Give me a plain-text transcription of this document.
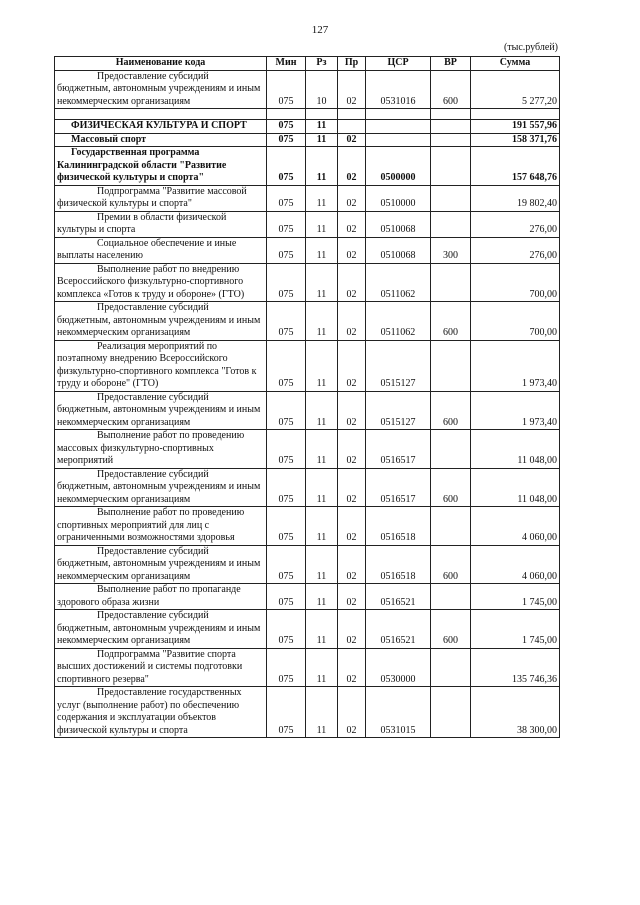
127
(тыс.рублей)
Наименование кода	Мин	Рз	Пр	ЦСР	ВР	Сумма

Предоставление субсидий бюджетным, автономным учреждениям и иным некоммерческим организациям	075	10	02	0531016	600	5 277,20

ФИЗИЧЕСКАЯ КУЛЬТУРА И СПОРТ	075	11				191 557,96

Массовый спорт	075	11	02			158 371,76

Государственная программа Калининградской области "Развитие физической культуры и спорта"	075	11	02	0500000		157 648,76

Подпрограмма "Развитие массовой физической культуры и спорта"	075	11	02	0510000		19 802,40

Премии в области физической культуры и спорта	075	11	02	0510068		276,00

Социальное обеспечение и иные выплаты населению	075	11	02	0510068	300	276,00

Выполнение работ по внедрению Всероссийского физкультурно-спортивного комплекса «Готов к труду и обороне» (ГТО)	075	11	02	0511062		700,00

Предоставление субсидий бюджетным, автономным учреждениям и иным некоммерческим организациям	075	11	02	0511062	600	700,00

Реализация мероприятий по поэтапному внедрению Всероссийского физкультурно-спортивного комплекса "Готов к труду и обороне" (ГТО)	075	11	02	0515127		1 973,40

Предоставление субсидий бюджетным, автономным учреждениям и иным некоммерческим организациям	075	11	02	0515127	600	1 973,40

Выполнение работ по проведению массовых физкультурно-спортивных мероприятий	075	11	02	0516517		11 048,00

Предоставление субсидий бюджетным, автономным учреждениям и иным некоммерческим организациям	075	11	02	0516517	600	11 048,00

Выполнение работ по проведению спортивных мероприятий для лиц с ограниченными возможностями здоровья	075	11	02	0516518		4 060,00

Предоставление субсидий бюджетным, автономным учреждениям и иным некоммерческим организациям	075	11	02	0516518	600	4 060,00

Выполнение работ по пропаганде здорового образа жизни	075	11	02	0516521		1 745,00

Предоставление субсидий бюджетным, автономным учреждениям и иным некоммерческим организациям	075	11	02	0516521	600	1 745,00

Подпрограмма "Развитие спорта высших достижений и системы подготовки спортивного резерва"	075	11	02	0530000		135 746,36

Предоставление государственных услуг (выполнение работ) по обеспечению содержания и эксплуатации объектов физической культуры и спорта	075	11	02	0531015		38 300,00
